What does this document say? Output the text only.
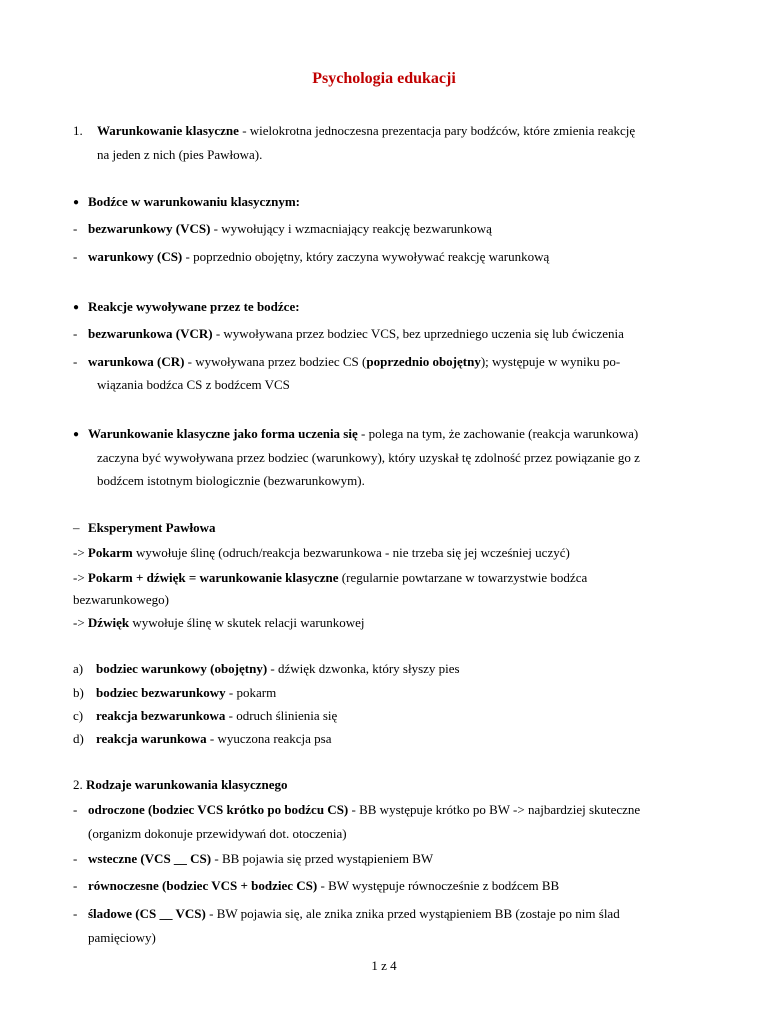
Psychologia edukacji
1. Warunkowanie klasyczne - wielokrotna jednoczesna prezentacja pary bodźców, które zmienia reakcję
na jeden z nich (pies Pawłowa).
● Bodźce w warunkowaniu klasycznym:
- bezwarunkowy (VCS) - wywołujący i wzmacniający reakcję bezwarunkową
- warunkowy (CS) - poprzednio obojętny, który zaczyna wywoływać reakcję warunkową
● Reakcje wywoływane przez te bodźce:
- bezwarunkowa (VCR) - wywoływana przez bodziec VCS, bez uprzedniego uczenia się lub ćwiczenia
- warunkowa (CR) - wywoływana przez bodziec CS (poprzednio obojętny); występuje w wyniku po-
wiązania bodźca CS z bodźcem VCS
● Warunkowanie klasyczne jako forma uczenia się - polega na tym, że zachowanie (reakcja warunkowa)
zaczyna być wywoływana przez bodziec (warunkowy), który uzyskał tę zdolność przez powiązanie go z
bodźcem istotnym biologicznie (bezwarunkowym).
– Eksperyment Pawłowa
-> Pokarm wywołuje ślinę (odruch/reakcja bezwarunkowa - nie trzeba się jej wcześniej uczyć)
-> Pokarm + dźwięk = warunkowanie klasyczne (regularnie powtarzane w towarzystwie bodźca
bezwarunkowego)
-> Dźwięk wywołuje ślinę w skutek relacji warunkowej
a) bodziec warunkowy (obojętny) - dźwięk dzwonka, który słyszy pies
b) bodziec bezwarunkowy - pokarm
c) reakcja bezwarunkowa - odruch ślinienia się
d) reakcja warunkowa - wyuczona reakcja psa
2. Rodzaje warunkowania klasycznego
- odroczone (bodziec VCS krótko po bodźcu CS) - BB występuje krótko po BW -> najbardziej skuteczne
(organizm dokonuje przewidywań dot. otoczenia)
- wsteczne (VCS __ CS) - BB pojawia się przed wystąpieniem BW
- równoczesne (bodziec VCS + bodziec CS) - BW występuje równocześnie z bodźcem BB
- śladowe (CS __ VCS) - BW pojawia się, ale znika znika przed wystąpieniem BB (zostaje po nim ślad
pamięciowy)
1 z 4
